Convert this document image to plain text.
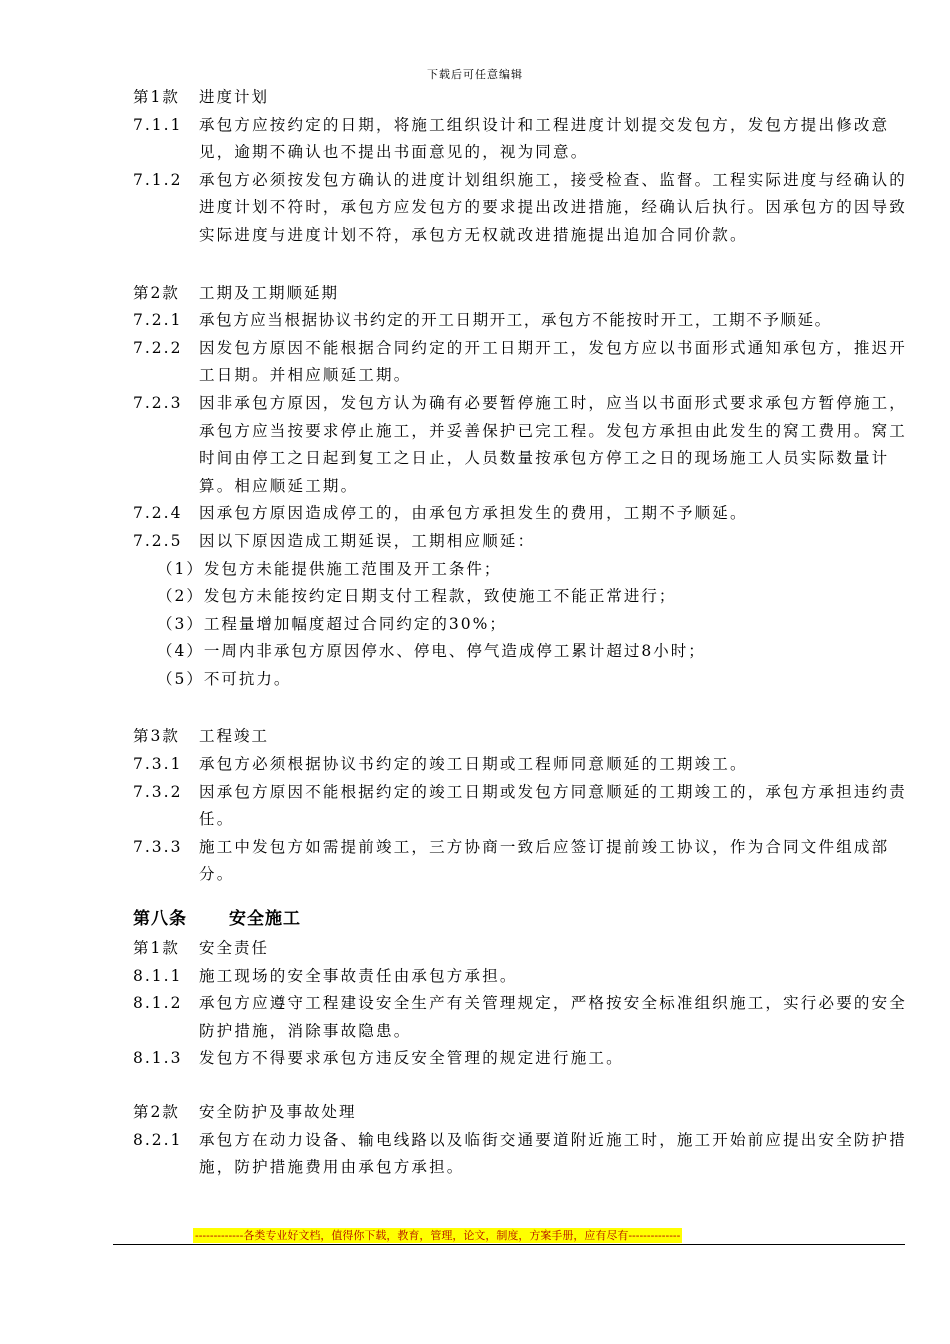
下载后可任意编辑
第1款 进度计划
7.1.1	承包方应按约定的日期，将施工组织设计和工程进度计划提交发包方，发包方提出修改意见，逾期不确认也不提出书面意见的，视为同意。
7.1.2	承包方必须按发包方确认的进度计划组织施工，接受检查、监督。工程实际进度与经确认的进度计划不符时，承包方应发包方的要求提出改进措施，经确认后执行。因承包方的因导致实际进度与进度计划不符，承包方无权就改进措施提出追加合同价款。
第2款 工期及工期顺延期
7.2.1	承包方应当根据协议书约定的开工日期开工，承包方不能按时开工，工期不予顺延。
7.2.2	因发包方原因不能根据合同约定的开工日期开工，发包方应以书面形式通知承包方，推迟开工日期。并相应顺延工期。
7.2.3	因非承包方原因，发包方认为确有必要暂停施工时，应当以书面形式要求承包方暂停施工，承包方应当按要求停止施工，并妥善保护已完工程。发包方承担由此发生的窝工费用。窝工时间由停工之日起到复工之日止，人员数量按承包方停工之日的现场施工人员实际数量计算。相应顺延工期。
7.2.4	因承包方原因造成停工的，由承包方承担发生的费用，工期不予顺延。
7.2.5	因以下原因造成工期延误，工期相应顺延：
（1）发包方未能提供施工范围及开工条件；
（2）发包方未能按约定日期支付工程款，致使施工不能正常进行；
（3）工程量增加幅度超过合同约定的30%；
（4）一周内非承包方原因停水、停电、停气造成停工累计超过8小时；
（5）不可抗力。
第3款 工程竣工
7.3.1	承包方必须根据协议书约定的竣工日期或工程师同意顺延的工期竣工。
7.3.2	因承包方原因不能根据约定的竣工日期或发包方同意顺延的工期竣工的，承包方承担违约责任。
7.3.3	施工中发包方如需提前竣工，三方协商一致后应签订提前竣工协议，作为合同文件组成部分。
第八条 安全施工
第1款 安全责任
8.1.1	施工现场的安全事故责任由承包方承担。
8.1.2	承包方应遵守工程建设安全生产有关管理规定，严格按安全标准组织施工，实行必要的安全防护措施，消除事故隐患。
8.1.3	发包方不得要求承包方违反安全管理的规定进行施工。
第2款 安全防护及事故处理
8.2.1	承包方在动力设备、输电线路以及临街交通要道附近施工时，施工开始前应提出安全防护措施，防护措施费用由承包方承担。
-------------各类专业好文档，值得你下载，教育，管理，论文，制度，方案手册，应有尽有--------------
